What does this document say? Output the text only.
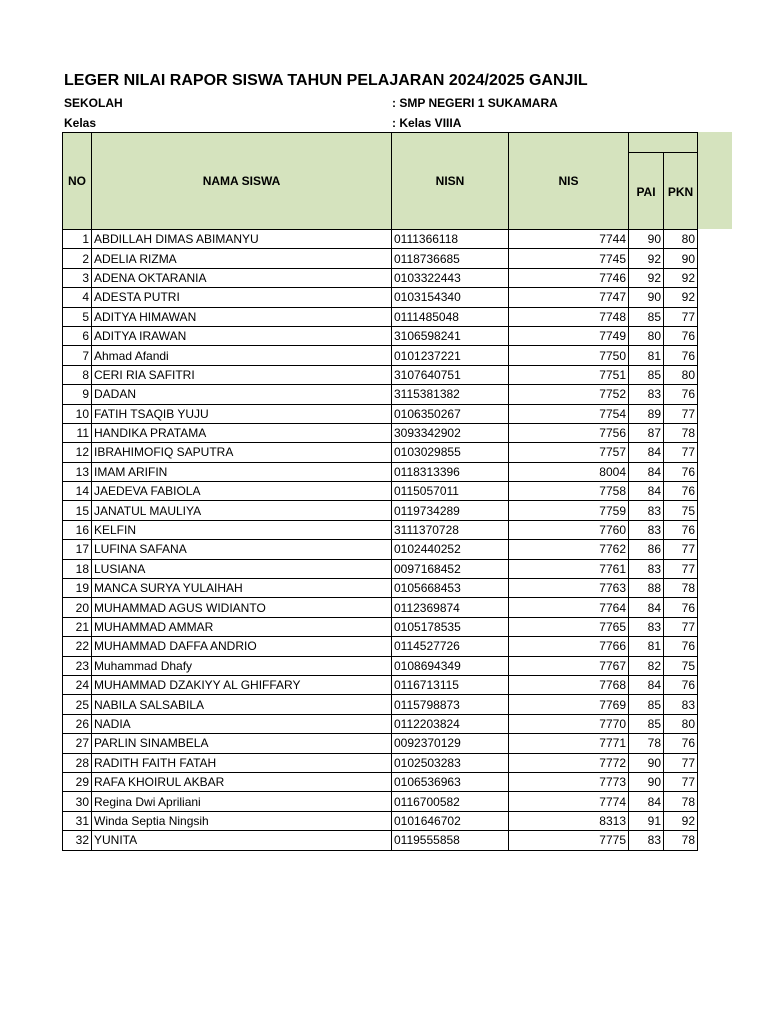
LEGER NILAI RAPOR SISWA TAHUN PELAJARAN 2024/2025 GANJIL
SEKOLAH	: SMP NEGERI 1 SUKAMARA
Kelas	: Kelas VIIIA
NO	NAMA SISWA	NISN	NIS		
				PAI	PKN
1	ABDILLAH DIMAS ABIMANYU	0111366118	7744	90	80
2	ADELIA RIZMA	0118736685	7745	92	90
3	ADENA OKTARANIA	0103322443	7746	92	92
4	ADESTA PUTRI	0103154340	7747	90	92
5	ADITYA HIMAWAN	0111485048	7748	85	77
6	ADITYA IRAWAN	3106598241	7749	80	76
7	Ahmad Afandi	0101237221	7750	81	76
8	CERI RIA SAFITRI	3107640751	7751	85	80
9	DADAN	3115381382	7752	83	76
10	FATIH TSAQIB YUJU	0106350267	7754	89	77
11	HANDIKA PRATAMA	3093342902	7756	87	78
12	IBRAHIMOFIQ SAPUTRA	0103029855	7757	84	77
13	IMAM ARIFIN	0118313396	8004	84	76
14	JAEDEVA FABIOLA	0115057011	7758	84	76
15	JANATUL MAULIYA	0119734289	7759	83	75
16	KELFIN	3111370728	7760	83	76
17	LUFINA SAFANA	0102440252	7762	86	77
18	LUSIANA	0097168452	7761	83	77
19	MANCA SURYA YULAIHAH	0105668453	7763	88	78
20	MUHAMMAD AGUS WIDIANTO	0112369874	7764	84	76
21	MUHAMMAD AMMAR	0105178535	7765	83	77
22	MUHAMMAD DAFFA ANDRIO	0114527726	7766	81	76
23	Muhammad Dhafy	0108694349	7767	82	75
24	MUHAMMAD DZAKIYY AL GHIFFARY	0116713115	7768	84	76
25	NABILA SALSABILA	0115798873	7769	85	83
26	NADIA	0112203824	7770	85	80
27	PARLIN SINAMBELA	0092370129	7771	78	76
28	RADITH FAITH FATAH	0102503283	7772	90	77
29	RAFA KHOIRUL AKBAR	0106536963	7773	90	77
30	Regina Dwi Apriliani	0116700582	7774	84	78
31	Winda Septia Ningsih	0101646702	8313	91	92
32	YUNITA	0119555858	7775	83	78
